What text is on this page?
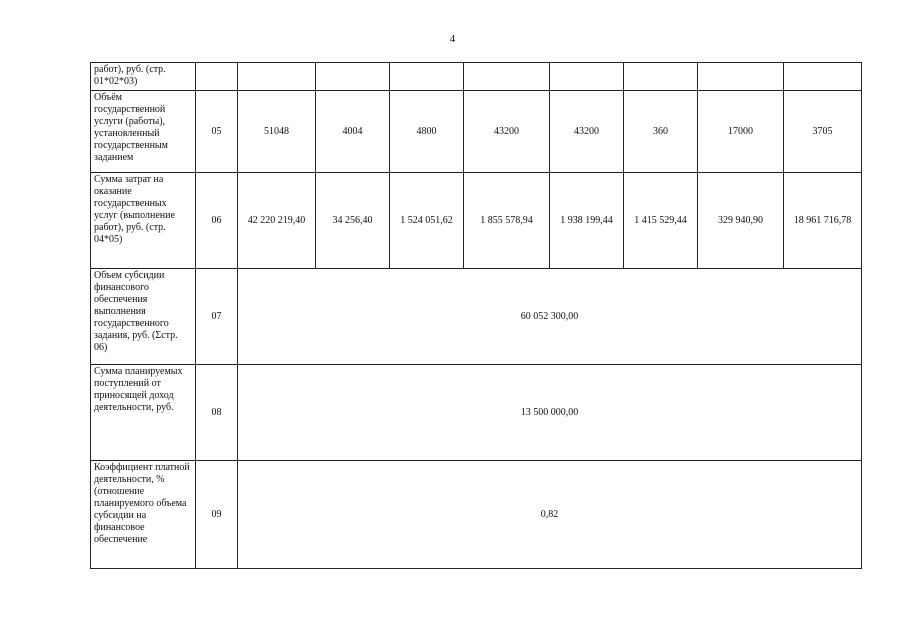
4
работ), руб. (стр. 01*02*03)									
Объём государственной услуги (работы), установленный государственным заданием	05	51048	4004	4800	43200	43200	360	17000	3705
Сумма затрат на оказание государственных услуг (выполнение работ), руб. (стр. 04*05)	06	42 220 219,40	34 256,40	1 524 051,62	1 855 578,94	1 938 199,44	1 415 529,44	329 940,90	18 961 716,78
Объем субсидии финансового обеспечения выполнения государственного задания, руб. (Σстр. 06)	07	60 052 300,00							
Сумма планируемых поступлений от приносящей доход деятельности, руб.	08	13 500 000,00							
Коэффициент платной деятельности, % (отношение планируемого объема субсидии на финансовое обеспечение	09	0,82							
